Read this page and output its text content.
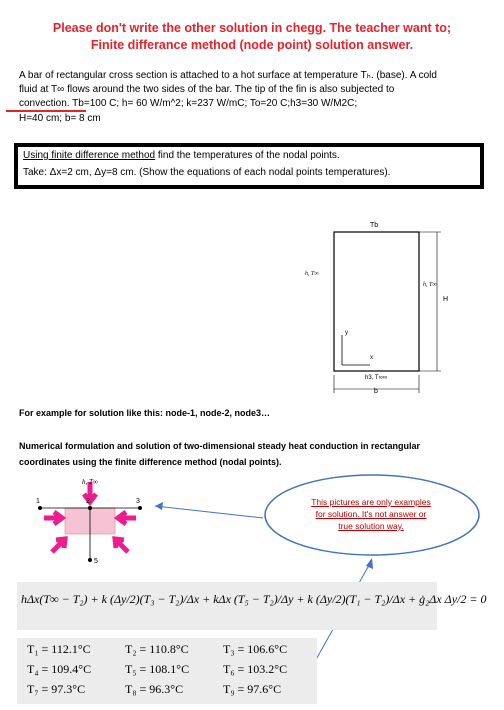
Please don't write the other solution in chegg. The teacher want to;
Finite differance method (node point) solution answer.
A bar of rectangular cross section is attached to a hot surface at temperature Tₕ. (base). A cold
fluid at T∞ flows around the two sides of the bar. The tip of the fin is also subjected to
convection. Tb=100 C; h= 60 W/m^2; k=237 W/mC; To=20 C;h3=30 W/M2C;
H=40 cm; b= 8 cm
Using finite difference method find the temperatures of the nodal points.
Take: Δx=2 cm, Δy=8 cm. (Show the equations of each nodal points temperatures).
Tb
h, T∞
h, T∞
H
y
x
h3, T∞∞
b
For example for solution like this: node-1, node-2, node3…
Numerical formulation and solution of two-dimensional steady heat conduction in rectangular
coordinates using the finite difference method (nodal points).
h, T∞
1	2	3
5
This pictures are only examples
for solution. It's not answer or
true solution way.
hΔx(T∞ − T₂) + k (Δy/2)(T₃ − T₂)/Δx + kΔx (T₅ − T₂)/Δy + k (Δy/2)(T₁ − T₂)/Δx + ġ₂Δx Δy/2 = 0
T₁ = 112.1°C	T₂ = 110.8°C	T₃ = 106.6°C
T₄ = 109.4°C	T₅ = 108.1°C	T₆ = 103.2°C
T₇ = 97.3°C	T₈ = 96.3°C	T₉ = 97.6°C
